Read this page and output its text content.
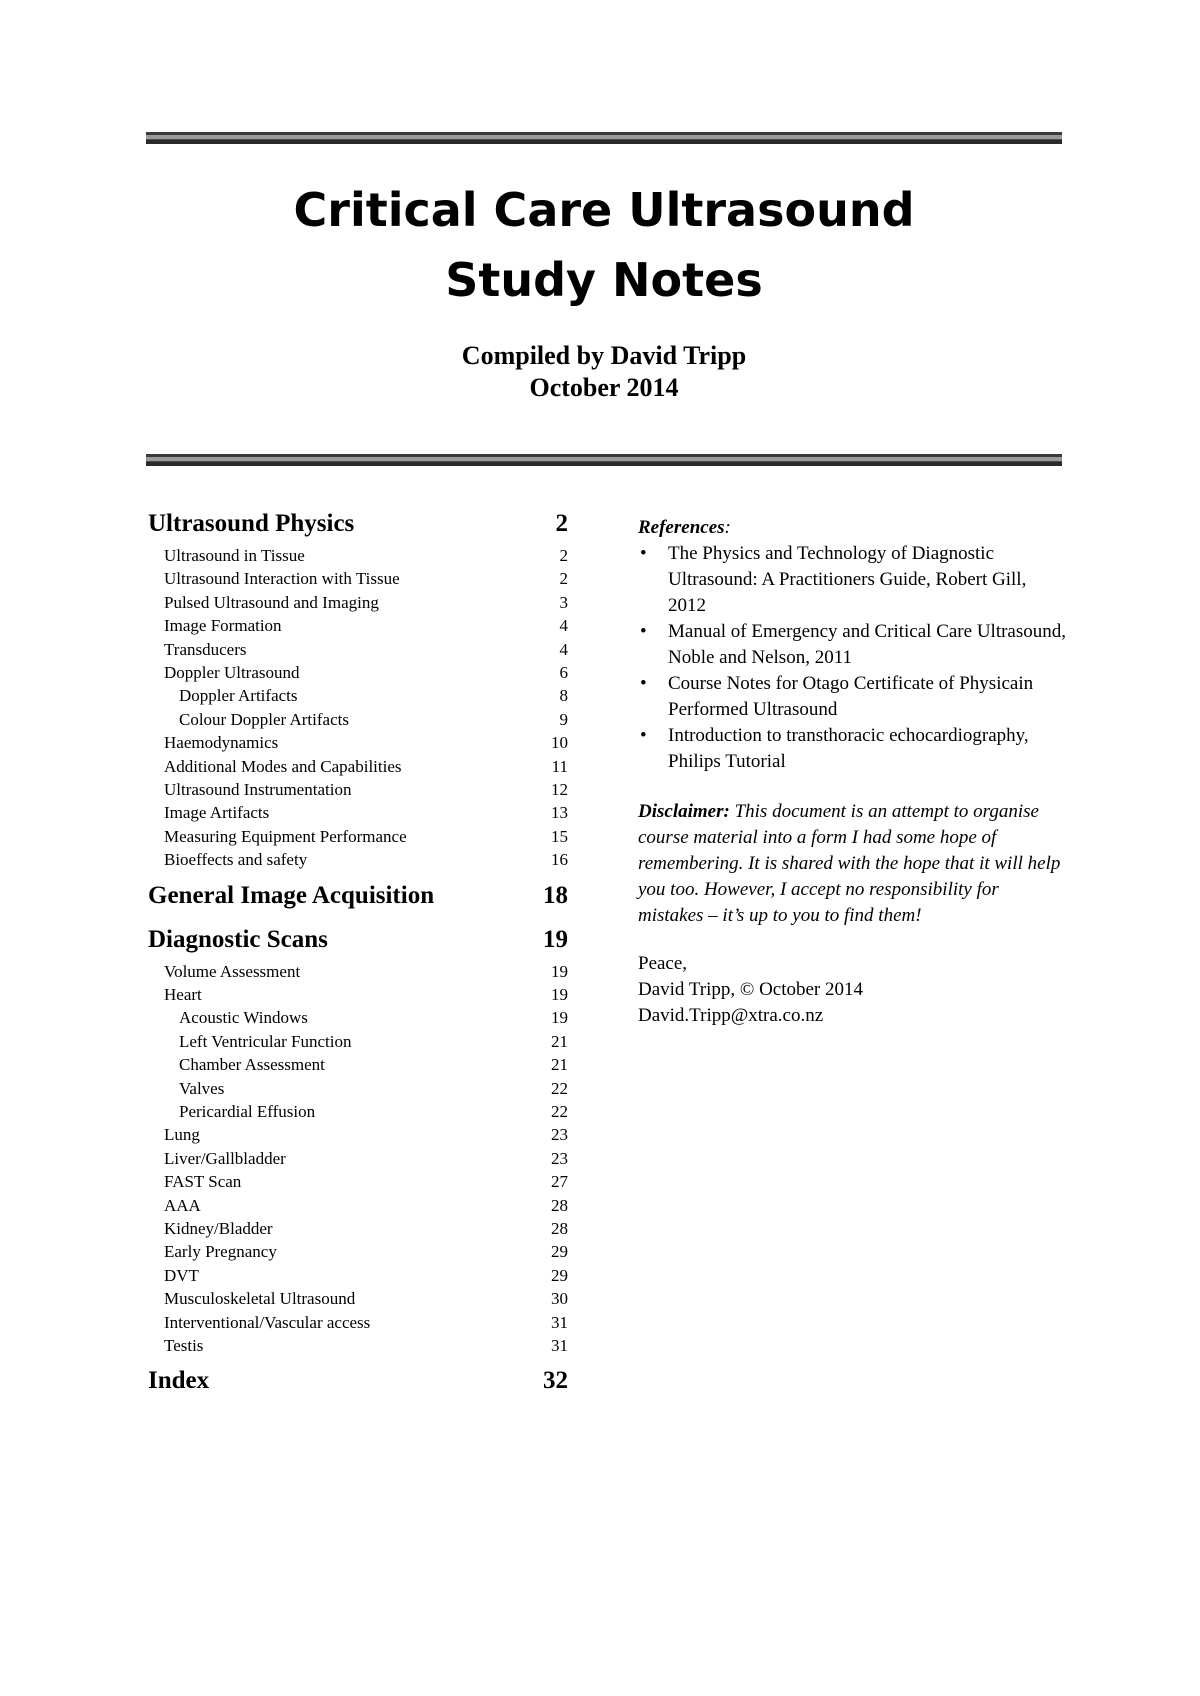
Critical Care Ultrasound
Study Notes
Compiled by David Tripp
October 2014
Ultrasound Physics	2
Ultrasound in Tissue	2
Ultrasound Interaction with Tissue	2
Pulsed Ultrasound and Imaging	3
Image Formation	4
Transducers	4
Doppler Ultrasound	6
Doppler Artifacts	8
Colour Doppler Artifacts	9
Haemodynamics	10
Additional Modes and Capabilities	11
Ultrasound Instrumentation	12
Image Artifacts	13
Measuring Equipment Performance	15
Bioeffects and safety	16
General Image Acquisition	18
Diagnostic Scans	19
Volume Assessment	19
Heart	19
Acoustic Windows	19
Left Ventricular Function	21
Chamber Assessment	21
Valves	22
Pericardial Effusion	22
Lung	23
Liver/Gallbladder	23
FAST Scan	27
AAA	28
Kidney/Bladder	28
Early Pregnancy	29
DVT	29
Musculoskeletal Ultrasound	30
Interventional/Vascular access	31
Testis	31
Index	32

References:

• The Physics and Technology of Diagnostic Ultrasound: A Practitioners Guide, Robert Gill, 2012
• Manual of Emergency and Critical Care Ultrasound, Noble and Nelson, 2011
• Course Notes for Otago Certificate of Physicain Performed Ultrasound
• Introduction to transthoracic echocardiography, Philips Tutorial
Disclaimer: This document is an attempt to organise course material into a form I had some hope of remembering. It is shared with the hope that it will help you too. However, I accept no responsibility for mistakes – it’s up to you to find them!
Peace,
David Tripp, © October 2014
David.Tripp@xtra.co.nz
